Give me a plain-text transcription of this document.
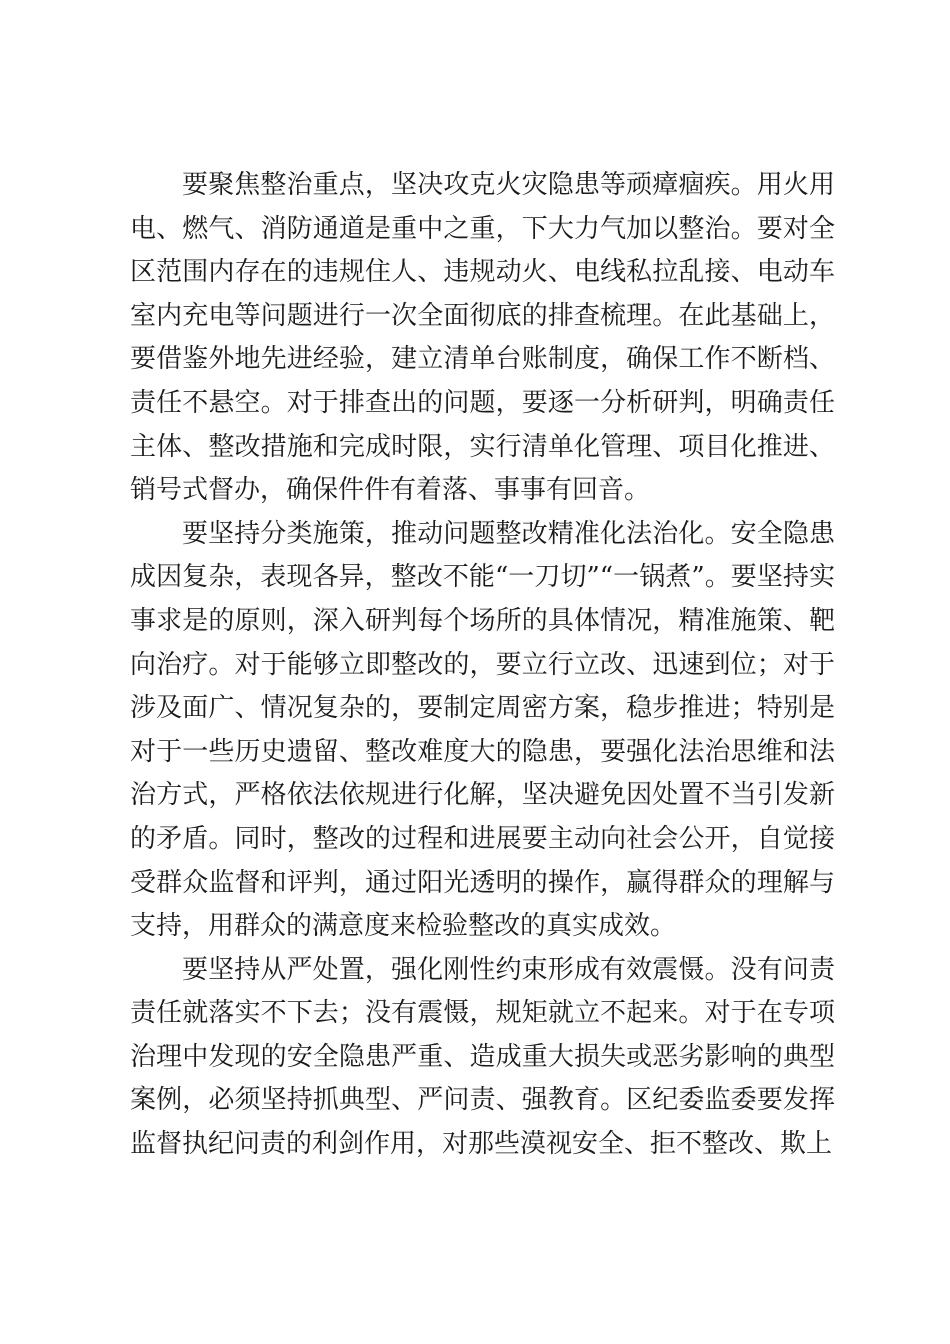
要聚焦整治重点，坚决攻克火灾隐患等顽瘴痼疾。用火用电、燃气、消防通道是重中之重，下大力气加以整治。要对全区范围内存在的违规住人、违规动火、电线私拉乱接、电动车室内充电等问题进行一次全面彻底的排查梳理。在此基础上，要借鉴外地先进经验，建立清单台账制度，确保工作不断档、责任不悬空。对于排查出的问题，要逐一分析研判，明确责任主体、整改措施和完成时限，实行清单化管理、项目化推进、销号式督办，确保件件有着落、事事有回音。

要坚持分类施策，推动问题整改精准化法治化。安全隐患成因复杂，表现各异，整改不能“一刀切”“一锅煮”。要坚持实事求是的原则，深入研判每个场所的具体情况，精准施策、靶向治疗。对于能够立即整改的，要立行立改、迅速到位；对于涉及面广、情况复杂的，要制定周密方案，稳步推进；特别是对于一些历史遗留、整改难度大的隐患，要强化法治思维和法治方式，严格依法依规进行化解，坚决避免因处置不当引发新的矛盾。同时，整改的过程和进展要主动向社会公开，自觉接受群众监督和评判，通过阳光透明的操作，赢得群众的理解与支持，用群众的满意度来检验整改的真实成效。

要坚持从严处置，强化刚性约束形成有效震慑。没有问责责任就落实不下去；没有震慑，规矩就立不起来。对于在专项治理中发现的安全隐患严重、造成重大损失或恶劣影响的典型案例，必须坚持抓典型、严问责、强教育。区纪委监委要发挥监督执纪问责的利剑作用，对那些漠视安全、拒不整改、欺上
